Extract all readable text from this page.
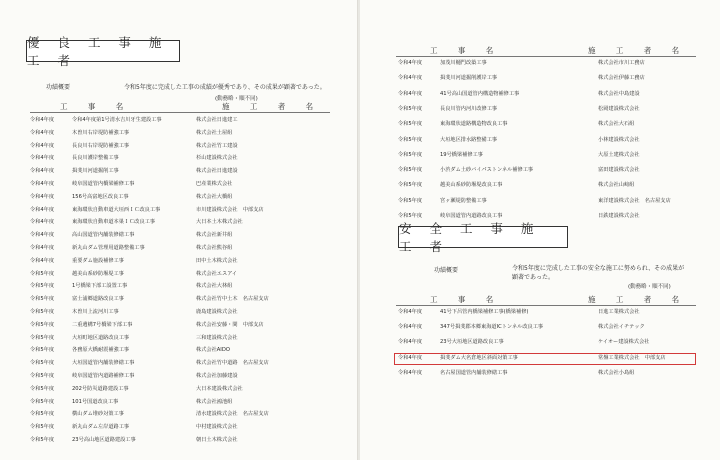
優 良 工 事 施 工 者
功績概要	令和5年度に完成した工事の成績が優秀であり、その成果が顕著であった。
(動務略・順不同)
工 事 名	施 工 者 名
令和4年度	令和4年度第1号清水吉川牙生建設工事	株式会社日進建工
令和4年度	木曽川右岸堤防補強工事	株式会社土屋組
令和4年度	長良川右岸堤防補強工事	株式会社竹工建設
令和4年度	長良川護岸整備工事	杉山建設株式会社
令和4年度	揖斐川河道掘削工事	株式会社日進建設
令和4年度	岐阜国道管内橋梁補修工事	巴産業株式会社
令和4年度	156号高富地区改良工事	株式会社大橋組
令和4年度	東海環状自動車道大垣西ＩＣ改良工事	市川建設株式会社　中部支店
令和4年度	東海環状自動車道本巣ＩＣ改良工事	大日本土木株式会社
令和4年度	高山国道管内舗装修繕工事	株式会社新井組
令和4年度	新丸山ダム管理用道路整備工事	株式会社熊谷組
令和4年度	重要ダム施設補修工事	田中土木株式会社
令和5年度	越美山系砂防堰堤工事	株式会社エスアイ
令和5年度	1号橋梁下部工設置工事	株式会社大林組
令和5年度	富士浦郷道路改良工事	株式会社竹中土木　名古屋支店
令和5年度	木曽川上流河川工事	鹿島建設株式会社
令和5年度	二重遺構7号橋梁下部工事	株式会社安藤・間　中部支店
令和5年度	大垣町地区道路改良工事	三和建設株式会社
令和5年度	各務原大橋耐震補強工事	株式会社AIDO
令和5年度	大垣国道管内舗装修繕工事	株式会社竹中道路　名古屋支店
令和5年度	岐阜国道管内道路補修工事	株式会社加藤建設
令和5年度	202号防災道路建設工事	大日本建設株式会社
令和5年度	101号国道改良工事	株式会社鴻池組
令和5年度	横山ダム堆砂対策工事	清水建設株式会社　名古屋支店
令和5年度	新丸山ダム左岸道路工事	中村建設株式会社
令和5年度	23号高山地区道路建設工事	朝日土木株式会社
工 事 名	施 工 者 名
令和4年度	加茂川樋門改築工事	株式会社市川工務店
令和4年度	揖斐川河道掘削護岸工事	株式会社伊藤工務店
令和4年度	41号高山国道管内構造物補修工事	株式会社中島建設
令和5年度	長良川管内河川改修工事	松岡建設株式会社
令和5年度	東海環状道路構造物改良工事	株式会社大石組
令和5年度	大垣地区排水路整備工事	小林建設株式会社
令和5年度	19号橋梁補修工事	大原土建株式会社
令和5年度	小渋ダム土砂バイパストンネル補修工事	富田建設株式会社
令和5年度	越美山系砂防堰堤改良工事	株式会社山﨑組
令和5年度	宮ヶ瀬堤防整備工事	東洋建設株式会社　名古屋支店
令和5年度	岐阜国道管内道路改良工事	日鉄建設株式会社
安 全 工 事 施 工 者
功績概要	令和5年度に完成した工事の安全な施工に努められ、その成果が
顕著であった。
(動務略・順不同)
工 事 名	施 工 者 名
令和4年度	41号下呂管内橋梁補修工事(橋梁補修)	日進工業株式会社
令和4年度	347号揖斐郡本郷東海道ICトンネル改良工事	株式会社イチテック
令和4年度	23号大垣地区道路改良工事	ケイオー建設株式会社
令和4年度	揖斐ダム大名倉地区斜面対策工事	常盤工業株式会社　中部支店
令和4年度	名古屋国道管内舗装修繕工事	株式会社小島組
